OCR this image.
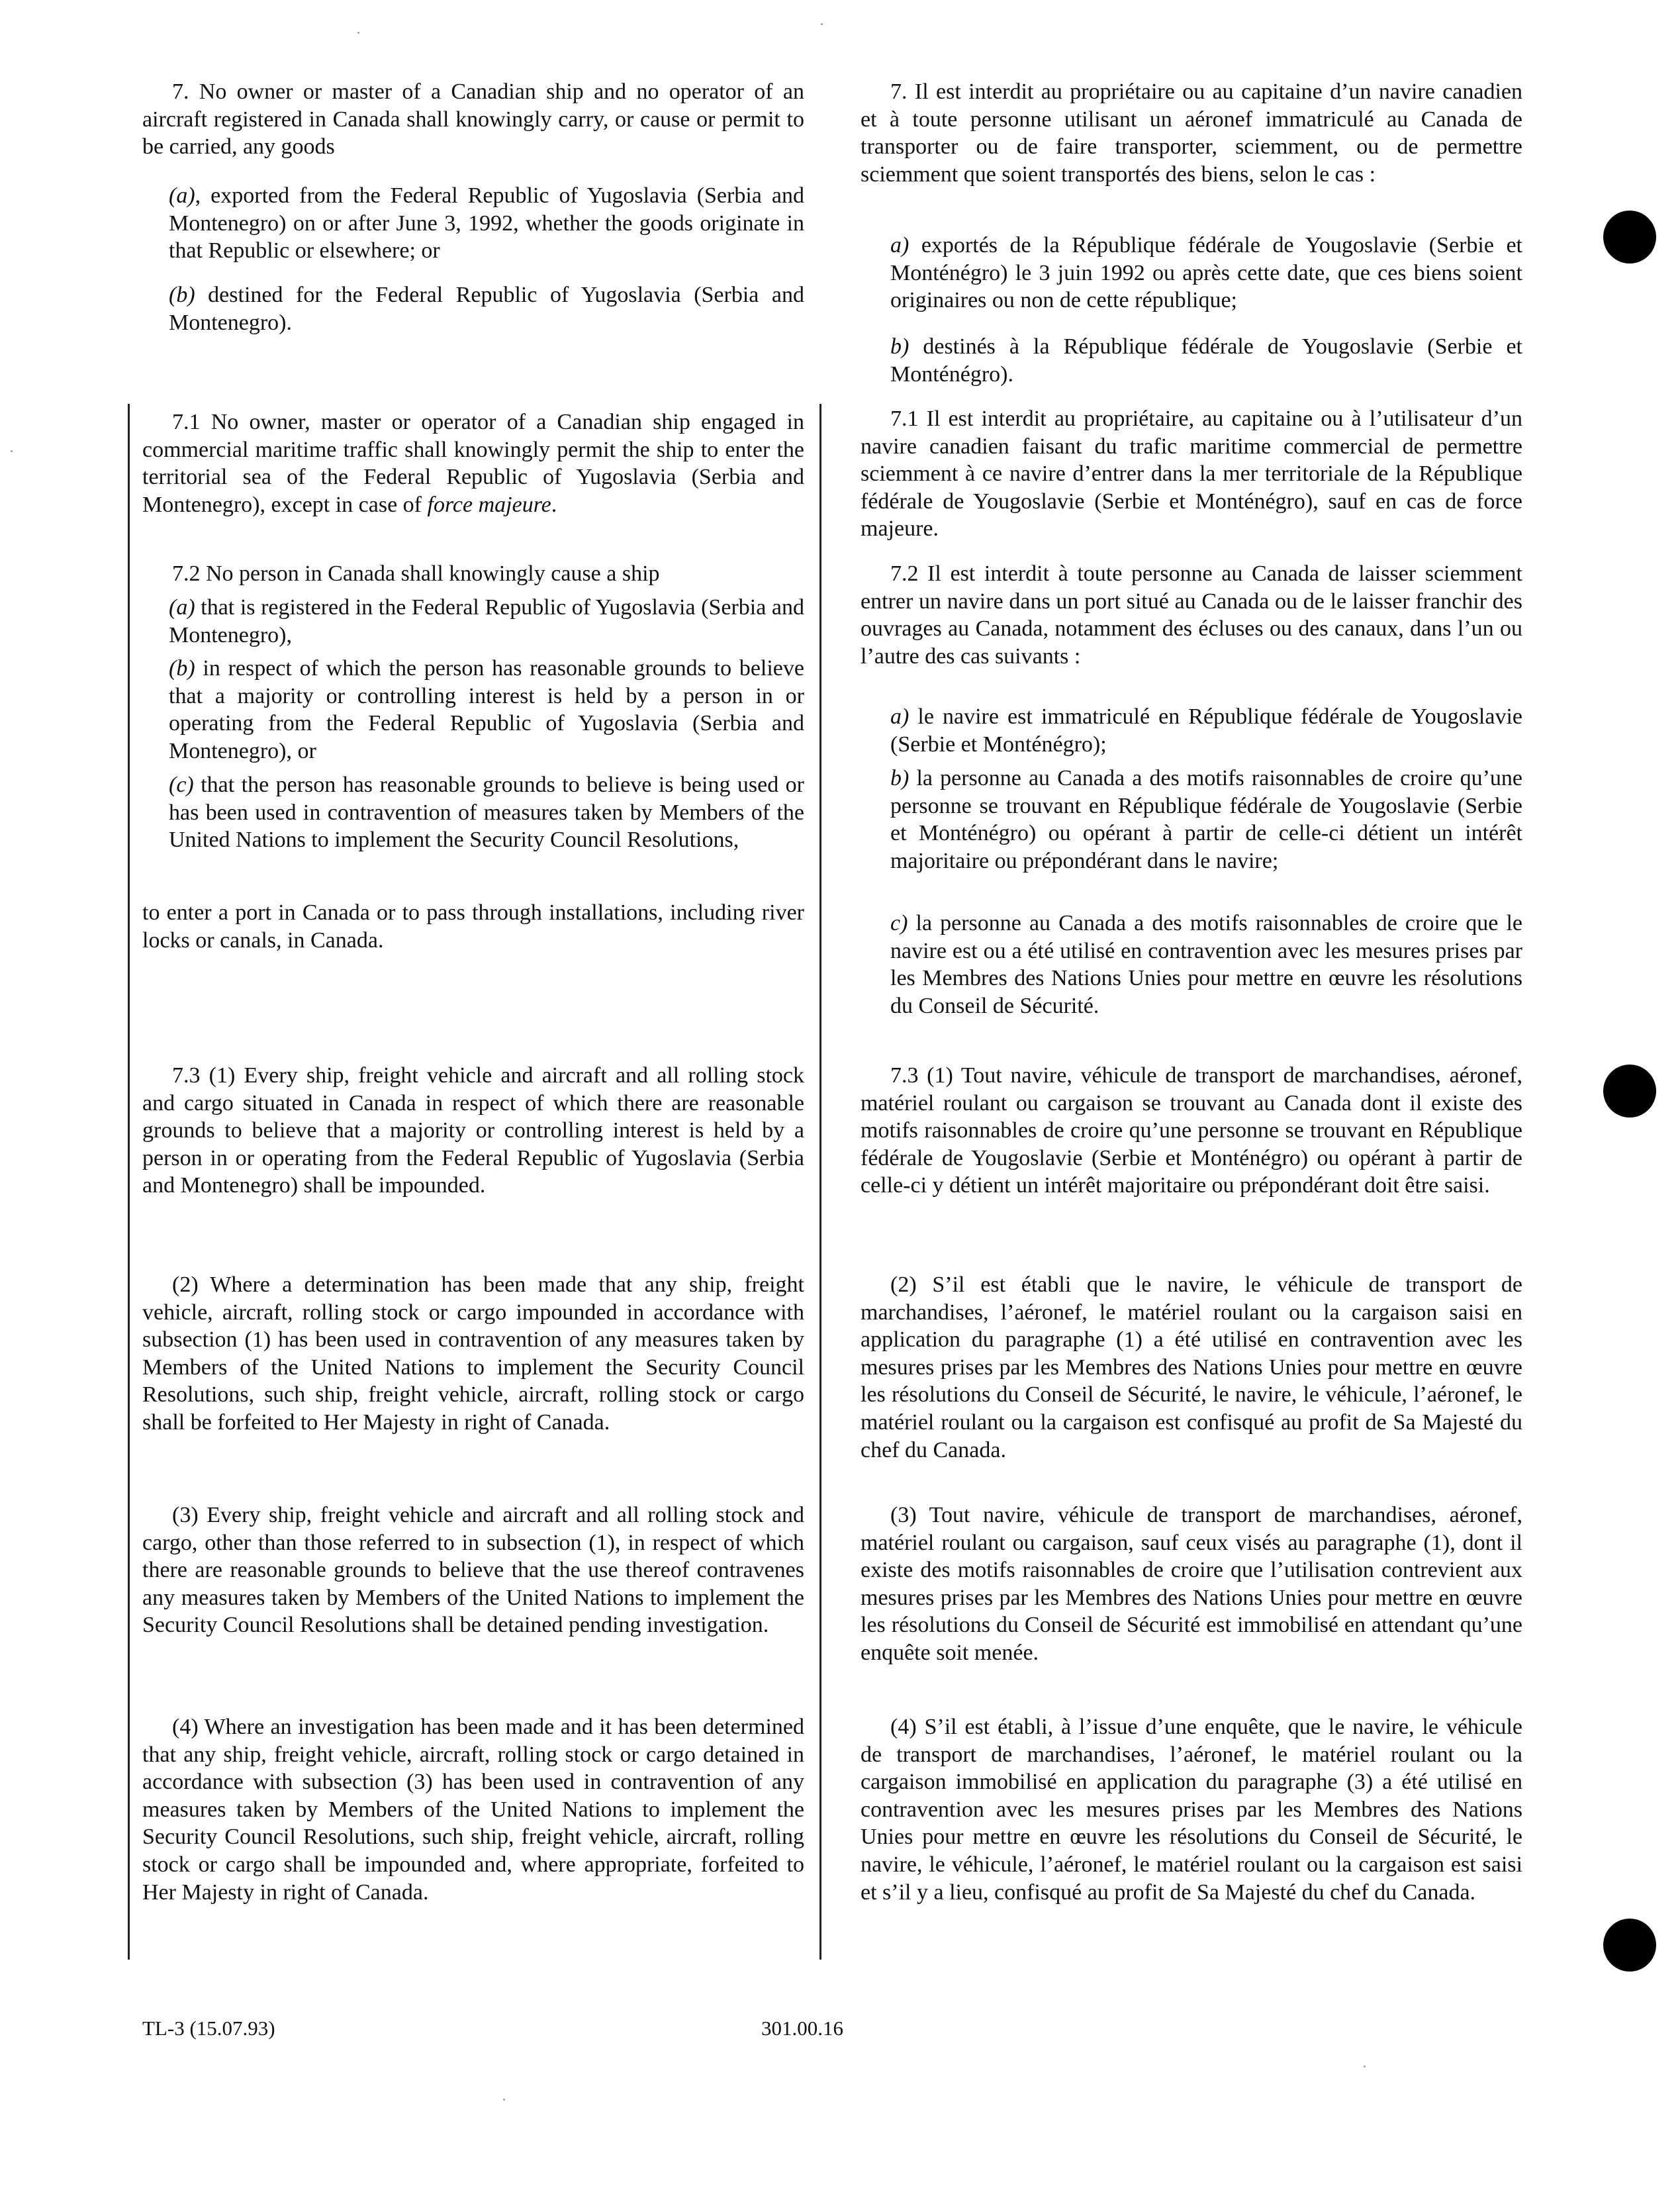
7. No owner or master of a Canadian ship and no operator of an aircraft registered in Canada shall knowingly carry, or cause or permit to be carried, any goods

(a), exported from the Federal Republic of Yugoslavia (Serbia and Montenegro) on or after June 3, 1992, whether the goods originate in that Republic or elsewhere; or

(b) destined for the Federal Republic of Yugoslavia (Serbia and Montenegro).

7.1 No owner, master or operator of a Canadian ship engaged in commercial maritime traffic shall knowingly permit the ship to enter the territorial sea of the Federal Republic of Yugoslavia (Serbia and Montenegro), except in case of force majeure.

7.2 No person in Canada shall knowingly cause a ship

(a) that is registered in the Federal Republic of Yugoslavia (Serbia and Montenegro),

(b) in respect of which the person has reasonable grounds to believe that a majority or controlling interest is held by a person in or operating from the Federal Republic of Yugoslavia (Serbia and Montenegro), or

(c) that the person has reasonable grounds to believe is being used or has been used in contravention of measures taken by Members of the United Nations to implement the Security Council Resolutions,

to enter a port in Canada or to pass through installations, including river locks or canals, in Canada.

7.3 (1) Every ship, freight vehicle and aircraft and all rolling stock and cargo situated in Canada in respect of which there are reasonable grounds to believe that a majority or controlling interest is held by a person in or operating from the Federal Republic of Yugoslavia (Serbia and Montenegro) shall be impounded.

(2) Where a determination has been made that any ship, freight vehicle, aircraft, rolling stock or cargo impounded in accordance with subsection (1) has been used in contravention of any measures taken by Members of the United Nations to implement the Security Council Resolutions, such ship, freight vehicle, aircraft, rolling stock or cargo shall be forfeited to Her Majesty in right of Canada.

(3) Every ship, freight vehicle and aircraft and all rolling stock and cargo, other than those referred to in subsection (1), in respect of which there are reasonable grounds to believe that the use thereof contravenes any measures taken by Members of the United Nations to implement the Security Council Resolutions shall be detained pending investigation.

(4) Where an investigation has been made and it has been determined that any ship, freight vehicle, aircraft, rolling stock or cargo detained in accordance with subsection (3) has been used in contravention of any measures taken by Members of the United Nations to implement the Security Council Resolutions, such ship, freight vehicle, aircraft, rolling stock or cargo shall be impounded and, where appropriate, forfeited to Her Majesty in right of Canada.

7. Il est interdit au propriétaire ou au capitaine d’un navire canadien et à toute personne utilisant un aéronef immatriculé au Canada de transporter ou de faire transporter, sciemment, ou de permettre sciemment que soient transportés des biens, selon le cas :

a) exportés de la République fédérale de Yougoslavie (Serbie et Monténégro) le 3 juin 1992 ou après cette date, que ces biens soient originaires ou non de cette république;

b) destinés à la République fédérale de Yougoslavie (Serbie et Monténégro).

7.1 Il est interdit au propriétaire, au capitaine ou à l’utilisateur d’un navire canadien faisant du trafic maritime commercial de permettre sciemment à ce navire d’entrer dans la mer territoriale de la République fédérale de Yougoslavie (Serbie et Monténégro), sauf en cas de force majeure.

7.2 Il est interdit à toute personne au Canada de laisser sciemment entrer un navire dans un port situé au Canada ou de le laisser franchir des ouvrages au Canada, notamment des écluses ou des canaux, dans l’un ou l’autre des cas suivants :

a) le navire est immatriculé en République fédérale de Yougoslavie (Serbie et Monténégro);

b) la personne au Canada a des motifs raisonnables de croire qu’une personne se trouvant en République fédérale de Yougoslavie (Serbie et Monténégro) ou opérant à partir de celle-ci détient un intérêt majoritaire ou prépondérant dans le navire;

c) la personne au Canada a des motifs raisonnables de croire que le navire est ou a été utilisé en contravention avec les mesures prises par les Membres des Nations Unies pour mettre en œuvre les résolutions du Conseil de Sécurité.

7.3 (1) Tout navire, véhicule de transport de marchandises, aéronef, matériel roulant ou cargaison se trouvant au Canada dont il existe des motifs raisonnables de croire qu’une personne se trouvant en République fédérale de Yougoslavie (Serbie et Monténégro) ou opérant à partir de celle-ci y détient un intérêt majoritaire ou prépondérant doit être saisi.

(2) S’il est établi que le navire, le véhicule de transport de marchandises, l’aéronef, le matériel roulant ou la cargaison saisi en application du paragraphe (1) a été utilisé en contravention avec les mesures prises par les Membres des Nations Unies pour mettre en œuvre les résolutions du Conseil de Sécurité, le navire, le véhicule, l’aéronef, le matériel roulant ou la cargaison est confisqué au profit de Sa Majesté du chef du Canada.

(3) Tout navire, véhicule de transport de marchandises, aéronef, matériel roulant ou cargaison, sauf ceux visés au paragraphe (1), dont il existe des motifs raisonnables de croire que l’utilisation contrevient aux mesures prises par les Membres des Nations Unies pour mettre en œuvre les résolutions du Conseil de Sécurité est immobilisé en attendant qu’une enquête soit menée.

(4) S’il est établi, à l’issue d’une enquête, que le navire, le véhicule de transport de marchandises, l’aéronef, le matériel roulant ou la cargaison immobilisé en application du paragraphe (3) a été utilisé en contravention avec les mesures prises par les Membres des Nations Unies pour mettre en œuvre les résolutions du Conseil de Sécurité, le navire, le véhicule, l’aéronef, le matériel roulant ou la cargaison est saisi et s’il y a lieu, confisqué au profit de Sa Majesté du chef du Canada.

TL-3 (15.07.93)	301.00.16
